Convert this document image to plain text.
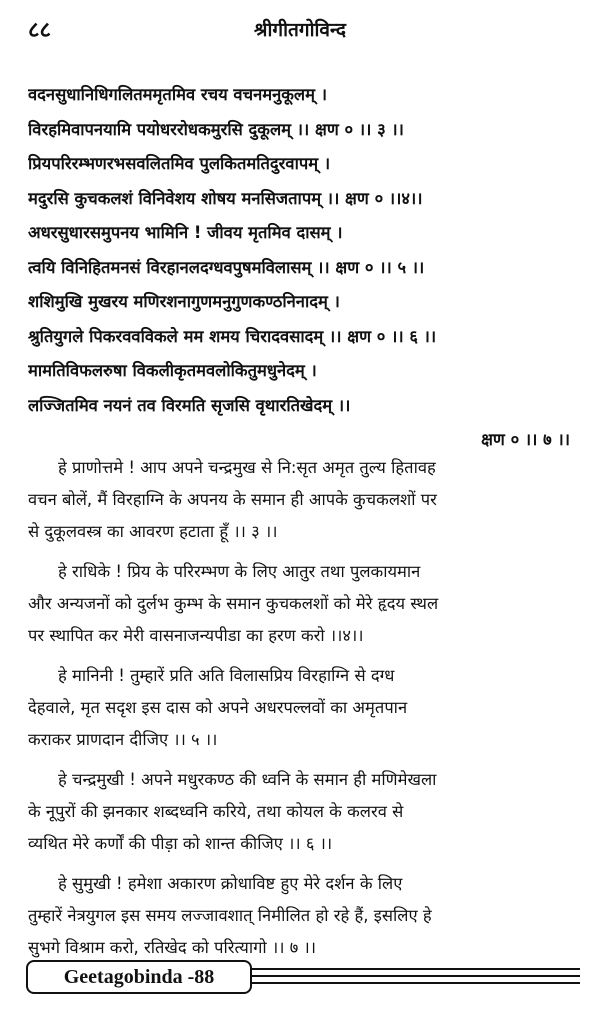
८८	श्रीगीतगोविन्द
वदनसुधानिधिगलितममृतमिव रचय वचनमनुकूलम् ।
विरहमिवापनयामि पयोधररोधकमुरसि दुकूलम् ।। क्षण ० ।। ३ ।।
प्रियपरिरम्भणरभसवलितमिव पुलकितमतिदुरवापम् ।
मदुरसि कुचकलशं विनिवेशय शोषय मनसिजतापम् ।। क्षण ० ।।४।।
अधरसुधारसमुपनय भामिनि ! जीवय मृतमिव दासम् ।
त्वयि विनिहितमनसं विरहानलदग्धवपुषमविलासम् ।। क्षण ० ।। ५ ।।
शशिमुखि मुखरय मणिरशनागुणमनुगुणकण्ठनिनादम् ।
श्रुतियुगले पिकरववविकले मम शमय चिरादवसादम् ।। क्षण ० ।। ६ ।।
मामतिविफलरुषा विकलीकृतमवलोकितुमधुनेदम् ।
लज्जितमिव नयनं तव विरमति सृजसि वृथारतिखेदम् ।।
क्षण ० ।। ७ ।।

हे प्राणोत्तमे ! आप अपने चन्द्रमुख से नि:सृत अमृत तुल्य हितावह
वचन बोलें, मैं विरहाग्नि के अपनय के समान ही आपके कुचकलशों पर
से दुकूलवस्त्र का आवरण हटाता हूँ ।। ३ ।।

हे राधिके ! प्रिय के परिरम्भण के लिए आतुर तथा पुलकायमान
और अन्यजनों को दुर्लभ कुम्भ के समान कुचकलशों को मेरे हृदय स्थल
पर स्थापित कर मेरी वासनाजन्यपीडा का हरण करो ।।४।।

हे मानिनी ! तुम्हारें प्रति अति विलासप्रिय विरहाग्नि से दग्ध
देहवाले, मृत सदृश इस दास को अपने अधरपल्लवों का अमृतपान
कराकर प्राणदान दीजिए ।। ५ ।।

हे चन्द्रमुखी ! अपने मधुरकण्ठ की ध्वनि के समान ही मणिमेखला
के नूपुरों की झनकार शब्दध्वनि करिये, तथा कोयल के कलरव से
व्यथित मेरे कर्णों की पीड़ा को शान्त कीजिए ।। ६ ।।

हे सुमुखी ! हमेशा अकारण क्रोधाविष्ट हुए मेरे दर्शन के लिए
तुम्हारें नेत्रयुगल इस समय लज्जावशात् निमीलित हो रहे हैं, इसलिए हे
सुभगे विश्राम करो, रतिखेद को परित्यागो ।। ७ ।।

Geetagobinda -88
